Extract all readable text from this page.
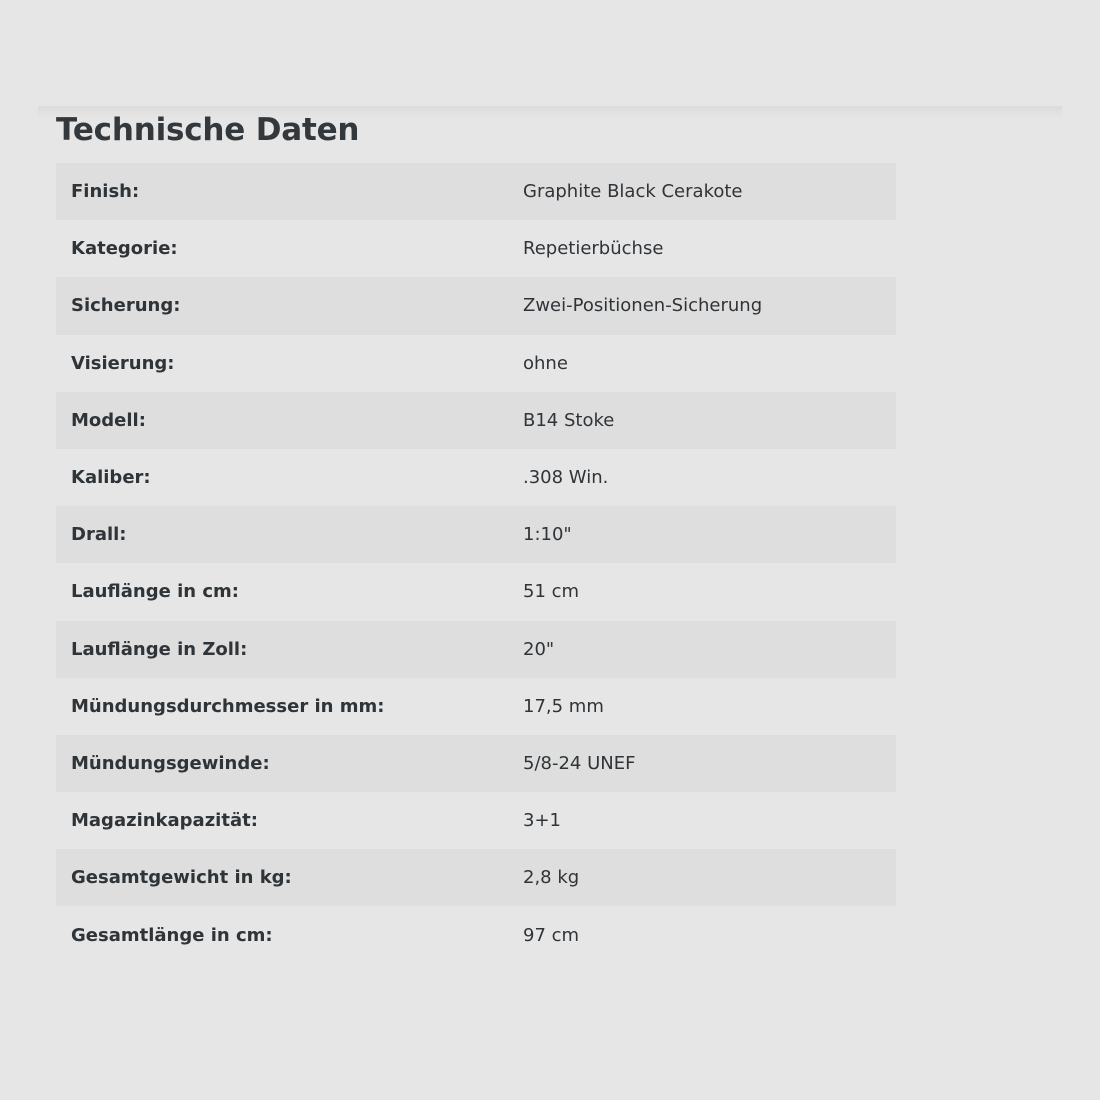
Technische Daten
Finish:	Graphite Black Cerakote
Kategorie:	Repetierbüchse
Sicherung:	Zwei-Positionen-Sicherung
Visierung:	ohne
Modell:	B14 Stoke
Kaliber:	.308 Win.
Drall:	1:10"
Lauflänge in cm:	51 cm
Lauflänge in Zoll:	20"
Mündungsdurchmesser in mm:	17,5 mm
Mündungsgewinde:	5/8-24 UNEF
Magazinkapazität:	3+1
Gesamtgewicht in kg:	2,8 kg
Gesamtlänge in cm:	97 cm
